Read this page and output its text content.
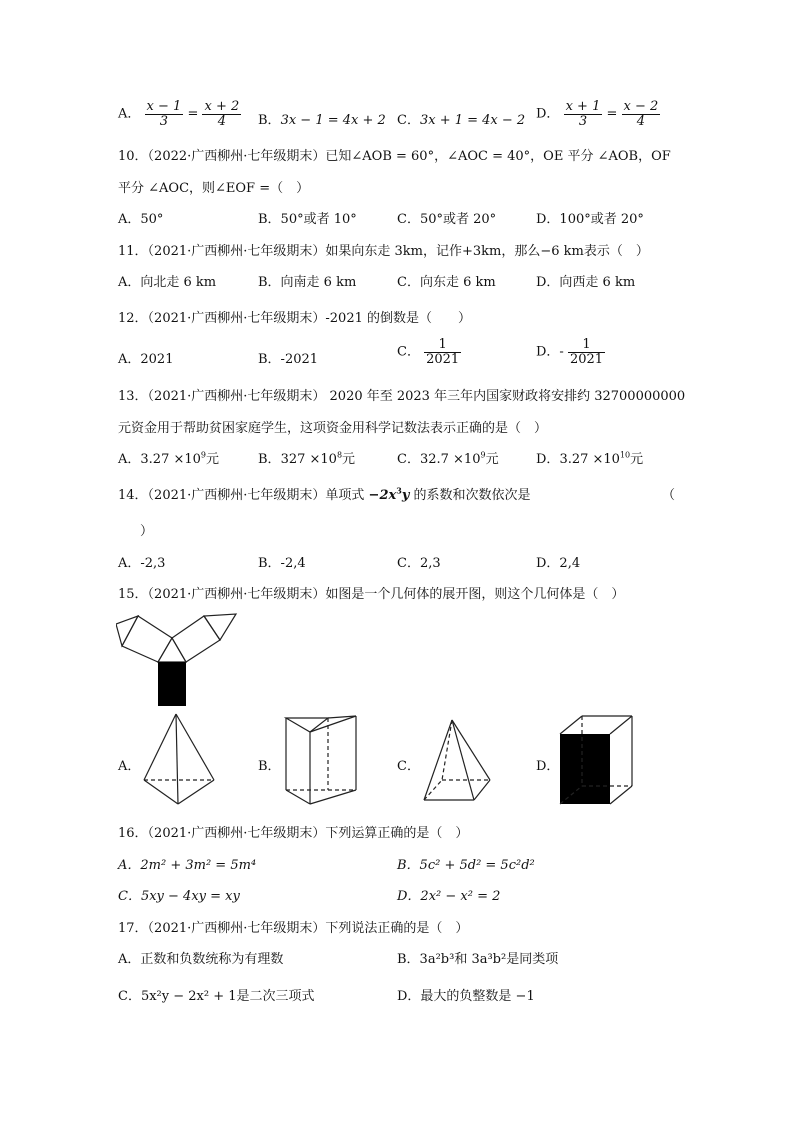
A． $\frac{x - 1}{3} = \frac{x + 2}{4}$ B．3x − 1 = 4x + 2 C．3x + 1 = 4x − 2 D． $\frac{x + 1}{3} = \frac{x - 2}{4}$
10．（2022·广西柳州·七年级期末）已知∠AOB = 60°，∠AOC = 40°，OE 平分 ∠AOB，OF
平分 ∠AOC，则∠EOF =（　）
A．50°	B．50°或者 10°	C．50°或者 20°	D．100°或者 20°
11．（2021·广西柳州·七年级期末）如果向东走 3km，记作+3km，那么−6 km表示（　）
A．向北走 6 km	B．向南走 6 km	C．向东走 6 km	D．向西走 6 km
12．（2021·广西柳州·七年级期末）-2021 的倒数是（　　）
A．2021	B．-2021	C． $\frac{1}{2021}$	D．- $\frac{1}{2021}$
13．（2021·广西柳州·七年级期末） 2020 年至 2023 年三年内国家财政将安排约 32700000000
元资金用于帮助贫困家庭学生，这项资金用科学记数法表示正确的是（　）
A．$3.27 \times 10^9$元	B．$327 \times 10^8$元	C．$32.7 \times 10^9$元	D．$3.27 \times 10^{10}$元
14．（2021·广西柳州·七年级期末）单项式 $-2x^3y$ 的系数和次数依次是	（
）
A．-2,3	B．-2,4	C．2,3	D．2,4
15．（2021·广西柳州·七年级期末）如图是一个几何体的展开图，则这个几何体是（　）
A．	B．	C．	D．
16．（2021·广西柳州·七年级期末）下列运算正确的是（　）
A．2m² + 3m² = 5m⁴	B．5c² + 5d² = 5c²d²
C．5xy − 4xy = xy	D．2x² − x² = 2
17．（2021·广西柳州·七年级期末）下列说法正确的是（　）
A．正数和负数统称为有理数	B．3a²b³和 3a³b²是同类项
C．5x²y − 2x² + 1是二次三项式	D．最大的负整数是 −1
